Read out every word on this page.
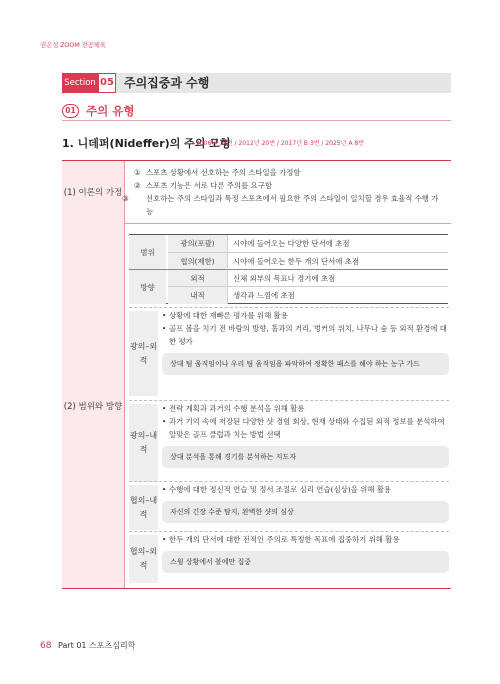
권은성 ZOOM 전공체육
Section 05 주의집중과 수행
01 주의 유형
1. 니데퍼(Nideffer)의 주의 모형
2006년 15번 / 2012년 20번 / 2017년 B 3번 / 2025년 A 8번
(1) 이론의 가정
① 스포츠 상황에서 선호하는 주의 스타일을 가정함
② 스포츠 기능은 서로 다른 주의를 요구함
③ 선호하는 주의 스타일과 특정 스포츠에서 필요한 주의 스타일이 일치할 경우 효율적 수행 가능
(2) 범위와 방향
범위
방향
광의(포괄)
협의(제한)
외적
내적
시야에 들어오는 다양한 단서에 초점
시야에 들어오는 한두 개의 단서에 초점
신체 외부의 목표나 경기에 초점
생각과 느낌에 초점
광의–외적
• 상황에 대한 재빠른 평가를 위해 활용
• 골프 볼을 치기 전 바람의 방향, 홀과의 거리, 벙커의 위치, 나무나 숲 등 외적 환경에 대한 평가
상대 팀 움직임이나 우리 팀 움직임을 파악하여 정확한 패스를 해야 하는 농구 가드
광의–내적
• 전략 계획과 과거의 수행 분석을 위해 활용
• 과거 기억 속에 저장된 다양한 샷 경험 회상, 현재 상태와 수집된 외적 정보를 분석하여 알맞은 골프 클럽과 치는 방법 선택
상대 분석을 통해 경기를 분석하는 지도자
협의–내적
• 수행에 대한 정신적 연습 및 정서 조절로 심리 연습(심상)을 위해 활용
자신의 긴장 수준 탐지, 완벽한 샷의 심상
협의–외적
• 한두 개의 단서에 대한 전적인 주의로 특정한 목표에 집중하기 위해 활용
스윙 상황에서 볼에만 집중
68 Part 01 스포츠심리학
